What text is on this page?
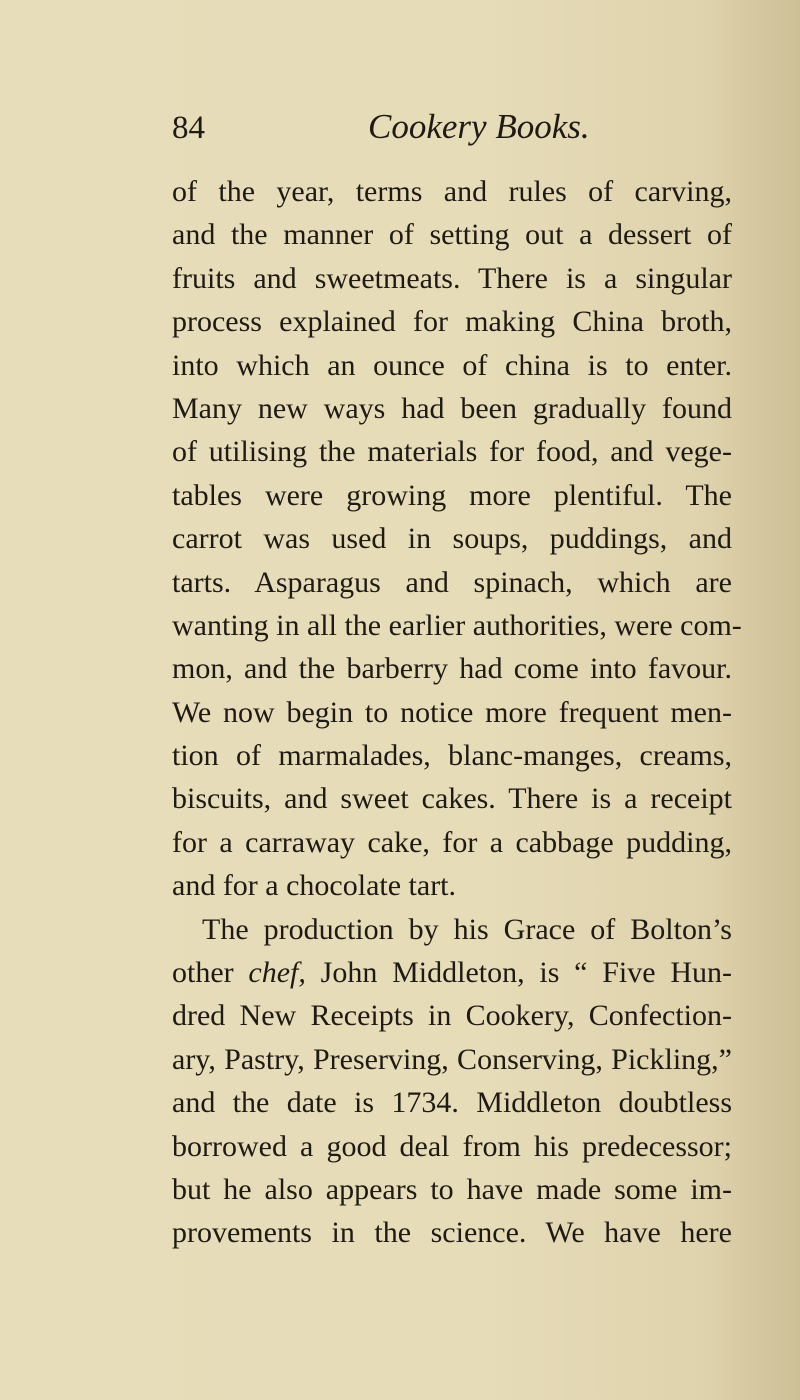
84	Cookery Books.
of the year, terms and rules of carving,
and the manner of setting out a dessert of
fruits and sweetmeats. There is a singular
process explained for making China broth,
into which an ounce of china is to enter.
Many new ways had been gradually found
of utilising the materials for food, and vege-
tables were growing more plentiful. The
carrot was used in soups, puddings, and
tarts. Asparagus and spinach, which are
wanting in all the earlier authorities, were com-
mon, and the barberry had come into favour.
We now begin to notice more frequent men-
tion of marmalades, blanc-manges, creams,
biscuits, and sweet cakes. There is a receipt
for a carraway cake, for a cabbage pudding,
and for a chocolate tart.
The production by his Grace of Bolton’s
other chef, John Middleton, is “ Five Hun-
dred New Receipts in Cookery, Confection-
ary, Pastry, Preserving, Conserving, Pickling,”
and the date is 1734. Middleton doubtless
borrowed a good deal from his predecessor;
but he also appears to have made some im-
provements in the science. We have here
